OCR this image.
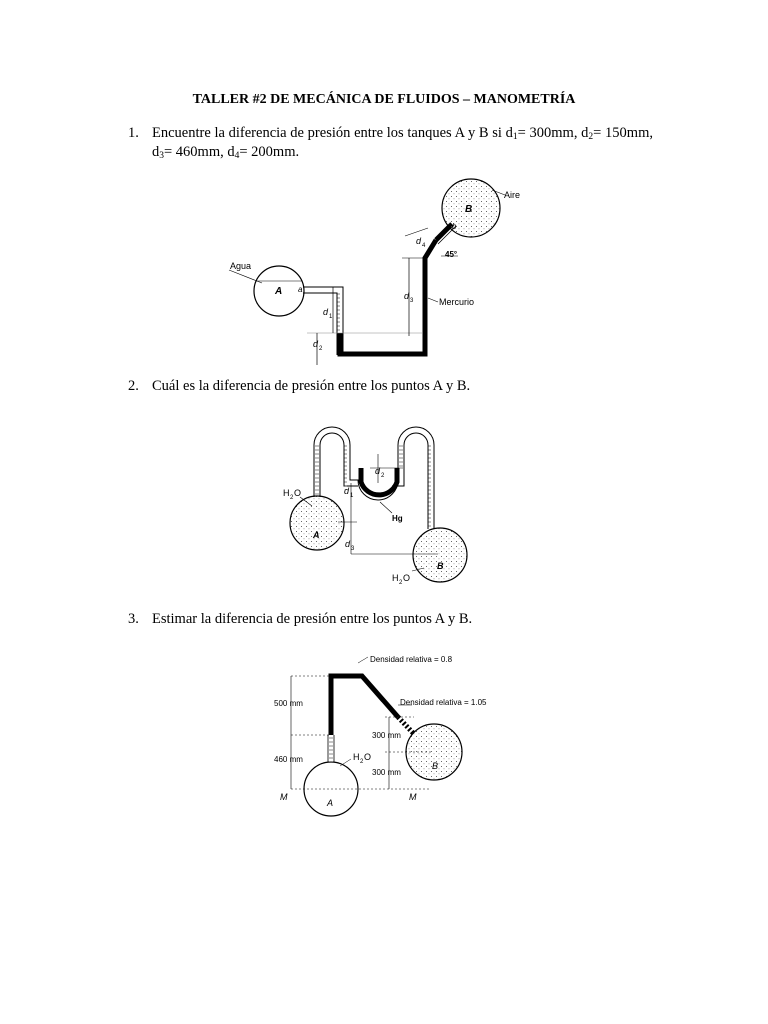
TALLER #2 DE MECÁNICA DE FLUIDOS – MANOMETRÍA
1. Encuentre la diferencia de presión entre los tanques A y B si $d_1= 300mm$, $d_2= 150mm$, $d_3= 460mm$, $d_4= 200mm$.
Agua
Aire
Mercurio
A
B
a
b
45°
d 1
d 2
d 3
d 4
2. Cuál es la diferencia de presión entre los puntos A y B.
H 2 O
H 2 O
Hg
A
B
d 2
d 1
d 3
3. Estimar la diferencia de presión entre los puntos A y B.
Densidad relativa = 0.8
Densidad relativa = 1.05
500 mm
460 mm
300 mm
300 mm
H 2 O
A
B
M	M
